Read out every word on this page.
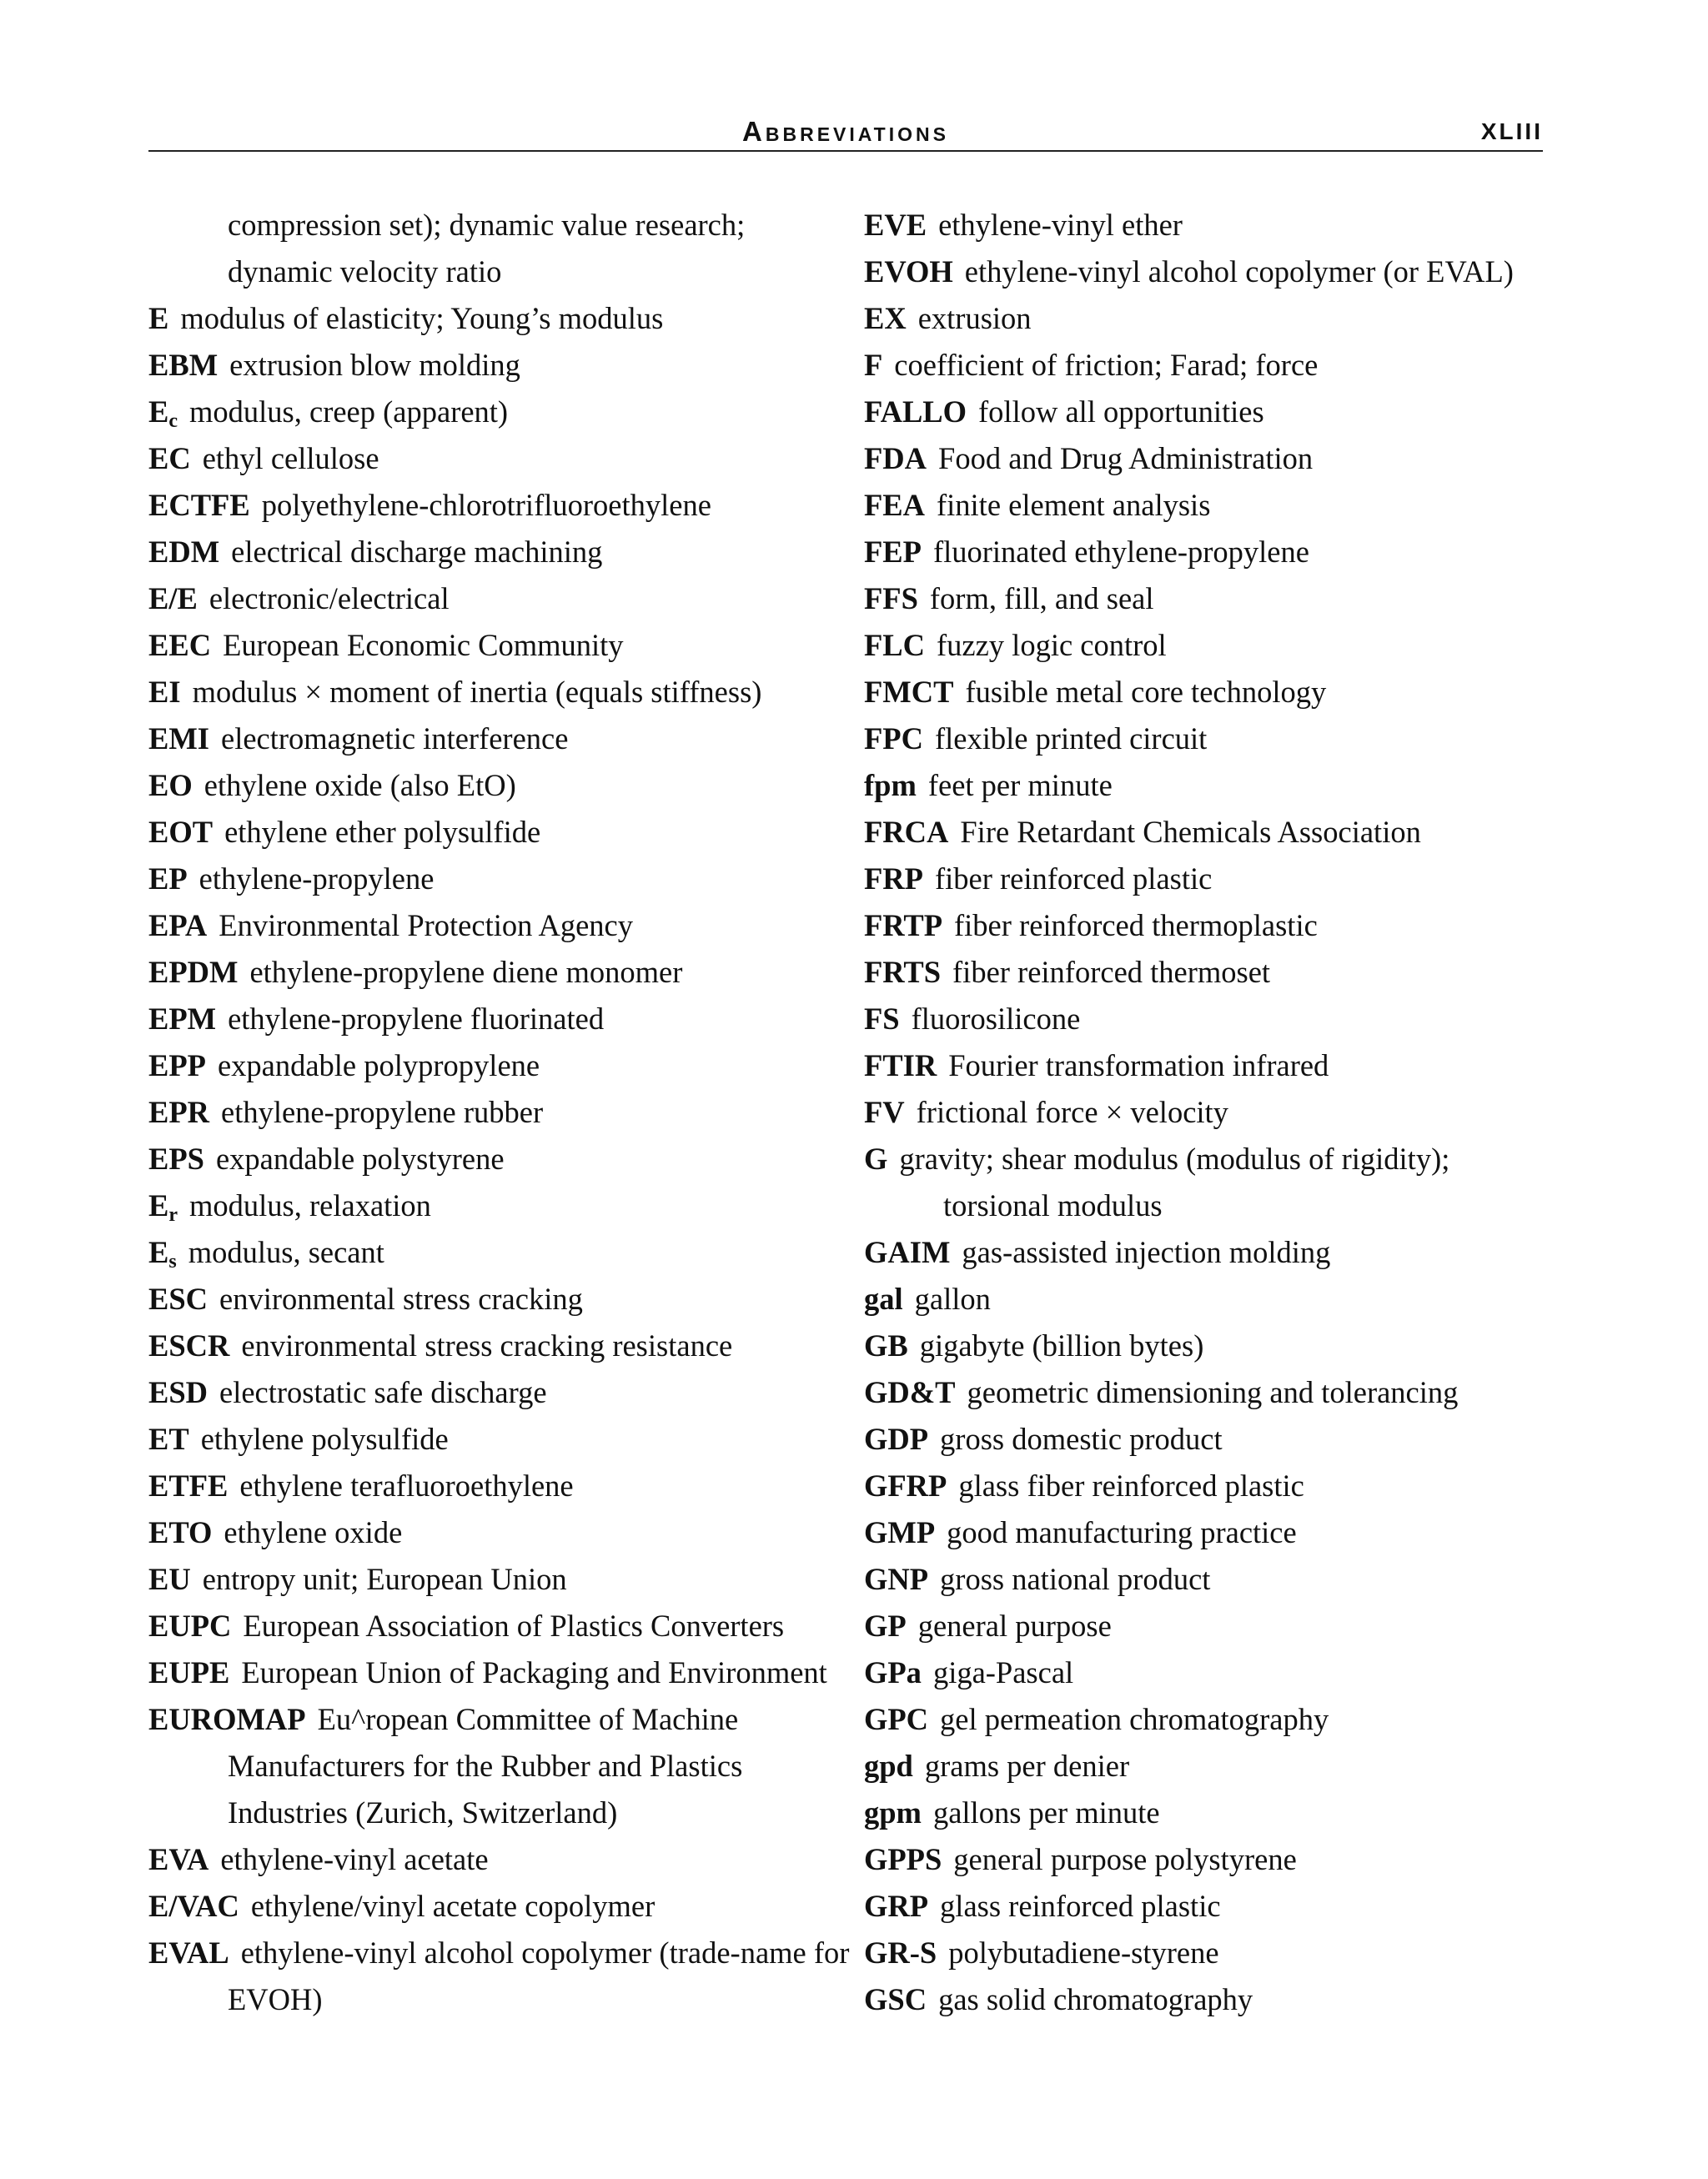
Abbreviations	XLIII
compression set); dynamic value research; dynamic velocity ratio
E modulus of elasticity; Young’s modulus
EBM extrusion blow molding
$E_c$ modulus, creep (apparent)
EC ethyl cellulose
ECTFE polyethylene-chlorotrifluoroethylene
EDM electrical discharge machining
E/E electronic/electrical
EEC European Economic Community
EI modulus × moment of inertia (equals stiffness)
EMI electromagnetic interference
EO ethylene oxide (also EtO)
EOT ethylene ether polysulfide
EP ethylene-propylene
EPA Environmental Protection Agency
EPDM ethylene-propylene diene monomer
EPM ethylene-propylene fluorinated
EPP expandable polypropylene
EPR ethylene-propylene rubber
EPS expandable polystyrene
$E_r$ modulus, relaxation
$E_s$ modulus, secant
ESC environmental stress cracking
ESCR environmental stress cracking resistance
ESD electrostatic safe discharge
ET ethylene polysulfide
ETFE ethylene terafluoroethylene
ETO ethylene oxide
EU entropy unit; European Union
EUPC European Association of Plastics Converters
EUPE European Union of Packaging and Environment
EUROMAP Eu^ropean Committee of Machine Manufacturers for the Rubber and Plastics Industries (Zurich, Switzerland)
EVA ethylene-vinyl acetate
E/VAC ethylene/vinyl acetate copolymer
EVAL ethylene-vinyl alcohol copolymer (trade-name for EVOH)
EVE ethylene-vinyl ether
EVOH ethylene-vinyl alcohol copolymer (or EVAL)
EX extrusion
F coefficient of friction; Farad; force
FALLO follow all opportunities
FDA Food and Drug Administration
FEA finite element analysis
FEP fluorinated ethylene-propylene
FFS form, fill, and seal
FLC fuzzy logic control
FMCT fusible metal core technology
FPC flexible printed circuit
fpm feet per minute
FRCA Fire Retardant Chemicals Association
FRP fiber reinforced plastic
FRTP fiber reinforced thermoplastic
FRTS fiber reinforced thermoset
FS fluorosilicone
FTIR Fourier transformation infrared
FV frictional force × velocity
G gravity; shear modulus (modulus of rigidity); torsional modulus
GAIM gas-assisted injection molding
gal gallon
GB gigabyte (billion bytes)
GD&T geometric dimensioning and tolerancing
GDP gross domestic product
GFRP glass fiber reinforced plastic
GMP good manufacturing practice
GNP gross national product
GP general purpose
GPa giga-Pascal
GPC gel permeation chromatography
gpd grams per denier
gpm gallons per minute
GPPS general purpose polystyrene
GRP glass reinforced plastic
GR-S polybutadiene-styrene
GSC gas solid chromatography
